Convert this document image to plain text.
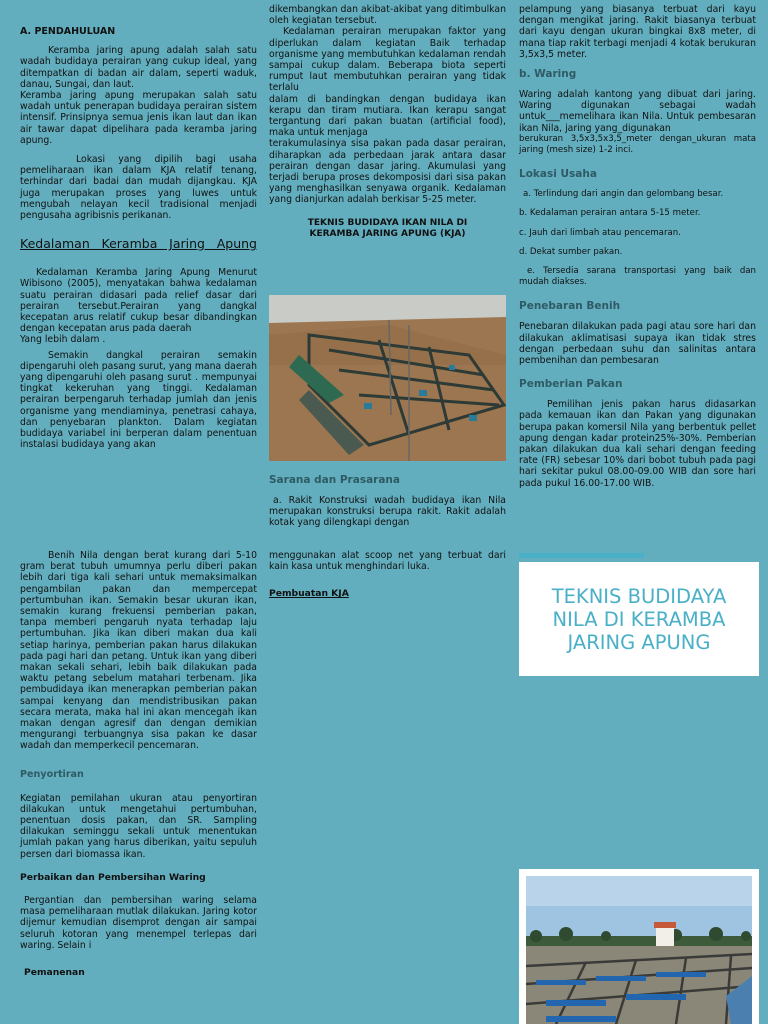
A. PENDAHULUAN

Keramba jaring apung adalah salah satu wadah budidaya perairan yang cukup ideal, yang ditempatkan di badan air dalam, seperti waduk, danau, Sungai, dan laut.

Keramba jaring apung merupakan salah satu wadah untuk penerapan budidaya perairan sistem intensif. Prinsipnya semua jenis ikan laut dan ikan air tawar dapat dipelihara pada keramba jaring apung.

Lokasi yang dipilih bagi usaha pemeliharaan ikan dalam KJA relatif tenang, terhindar dari badai dan mudah dijangkau. KJA juga merupakan proses yang luwes untuk mengubah nelayan kecil tradisional menjadi pengusaha agribisnis perikanan.

Kedalaman Keramba Jaring Apung

Kedalaman Keramba Jaring Apung Menurut Wibisono (2005), menyatakan bahwa kedalaman suatu perairan didasari pada relief dasar dari perairan tersebut.Perairan yang dangkal kecepatan arus relatif cukup besar dibandingkan dengan kecepatan arus pada daerah

Yang lebih dalam .

Semakin dangkal perairan semakin dipengaruhi oleh pasang surut, yang mana daerah yang dipengaruhi oleh pasang surut . mempunyai tingkat kekeruhan yang tinggi. Kedalaman perairan berpengaruh terhadap jumlah dan jenis organisme yang mendiaminya, penetrasi cahaya, dan penyebaran plankton. Dalam kegiatan budidaya variabel ini berperan dalam penentuan instalasi budidaya yang akan

dikembangkan dan akibat-akibat yang ditimbulkan oleh kegiatan tersebut.

Kedalaman perairan merupakan faktor yang diperlukan dalam kegiatan Baik terhadap organisme yang membutuhkan kedalaman rendah sampai cukup dalam. Beberapa biota seperti rumput laut membutuhkan perairan yang tidak terlalu

dalam di bandingkan dengan budidaya ikan kerapu dan tiram mutiara. Ikan kerapu sangat tergantung dari pakan buatan (artificial food), maka untuk menjaga

terakumulasinya sisa pakan pada dasar perairan, diharapkan ada perbedaan jarak antara dasar perairan dengan dasar jaring. Akumulasi yang terjadi berupa proses dekomposisi dari sisa pakan yang menghasilkan senyawa organik. Kedalaman yang dianjurkan adalah berkisar 5-25 meter.

TEKNIS BUDIDAYA IKAN NILA DI KERAMBA JARING APUNG (KJA)

Sarana dan Prasarana

a. Rakit Konstruksi wadah budidaya ikan Nila merupakan konstruksi berupa rakit. Rakit adalah kotak yang dilengkapi dengan

pelampung yang biasanya terbuat dari kayu dengan mengikat jaring. Rakit biasanya terbuat dari kayu dengan ukuran bingkai 8x8 meter, di mana tiap rakit terbagi menjadi 4 kotak berukuran 3,5x3,5 meter.

b. Waring

Waring adalah kantong yang dibuat dari jaring. Waring digunakan sebagai wadah untuk___memelihara ikan Nila. Untuk pembesaran ikan Nila, jaring yang_digunakan

berukuran 3,5x3,5x3,5_meter dengan_ukuran mata jaring (mesh size) 1-2 inci.

Lokasi Usaha

a. Terlindung dari angin dan gelombang besar.

b. Kedalaman perairan antara 5-15 meter.

c. Jauh dari limbah atau pencemaran.

d. Dekat sumber pakan.

e. Tersedia sarana transportasi yang baik dan mudah diakses.

Penebaran Benih

Penebaran dilakukan pada pagi atau sore hari dan dilakukan aklimatisasi supaya ikan tidak stres dengan perbedaan suhu dan salinitas antara pembenihan dan pembesaran

Pemberian Pakan

Pemilihan jenis pakan harus didasarkan pada kemauan ikan dan Pakan yang digunakan berupa pakan komersil Nila yang berbentuk pellet apung dengan kadar protein25%-30%. Pemberian pakan dilakukan dua kali sehari dengan feeding rate (FR) sebesar 10% dari bobot tubuh pada pagi hari sekitar pukul 08.00-09.00 WIB dan sore hari pada pukul 16.00-17.00 WIB.

Benih Nila dengan berat kurang dari 5-10 gram berat tubuh umumnya perlu diberi pakan lebih dari tiga kali sehari untuk memaksimalkan pengambilan pakan dan mempercepat pertumbuhan ikan. Semakin besar ukuran ikan, semakin kurang frekuensi pemberian pakan, tanpa memberi pengaruh nyata terhadap laju pertumbuhan. Jika ikan diberi makan dua kali setiap harinya, pemberian pakan harus dilakukan pada pagi hari dan petang. Untuk ikan yang diberi makan sekali sehari, lebih baik dilakukan pada waktu petang sebelum matahari terbenam. Jika pembudidaya ikan menerapkan pemberian pakan sampai kenyang dan mendistribusikan pakan secara merata, maka hal ini akan mencegah ikan makan dengan agresif dan dengan demikian mengurangi terbuangnya sisa pakan ke dasar wadah dan memperkecil pencemaran.

Penyortiran

Kegiatan pemilahan ukuran atau penyortiran dilakukan untuk mengetahui pertumbuhan, penentuan dosis pakan, dan SR. Sampling dilakukan seminggu sekali untuk menentukan jumlah pakan yang harus diberikan, yaitu sepuluh persen dari biomassa ikan.

Perbaikan dan Pembersihan Waring

Pergantian dan pembersihan waring selama masa pemeliharaan mutlak dilakukan. Jaring kotor dijemur kemudian disemprot dengan air sampai seluruh kotoran yang menempel terlepas dari waring. Selain i

Pemanenan

menggunakan alat scoop net yang terbuat dari kain kasa untuk menghindari luka.

Pembuatan KJA	TEKNIS BUDIDAYA NILA DI KERAMBA JARING APUNG
